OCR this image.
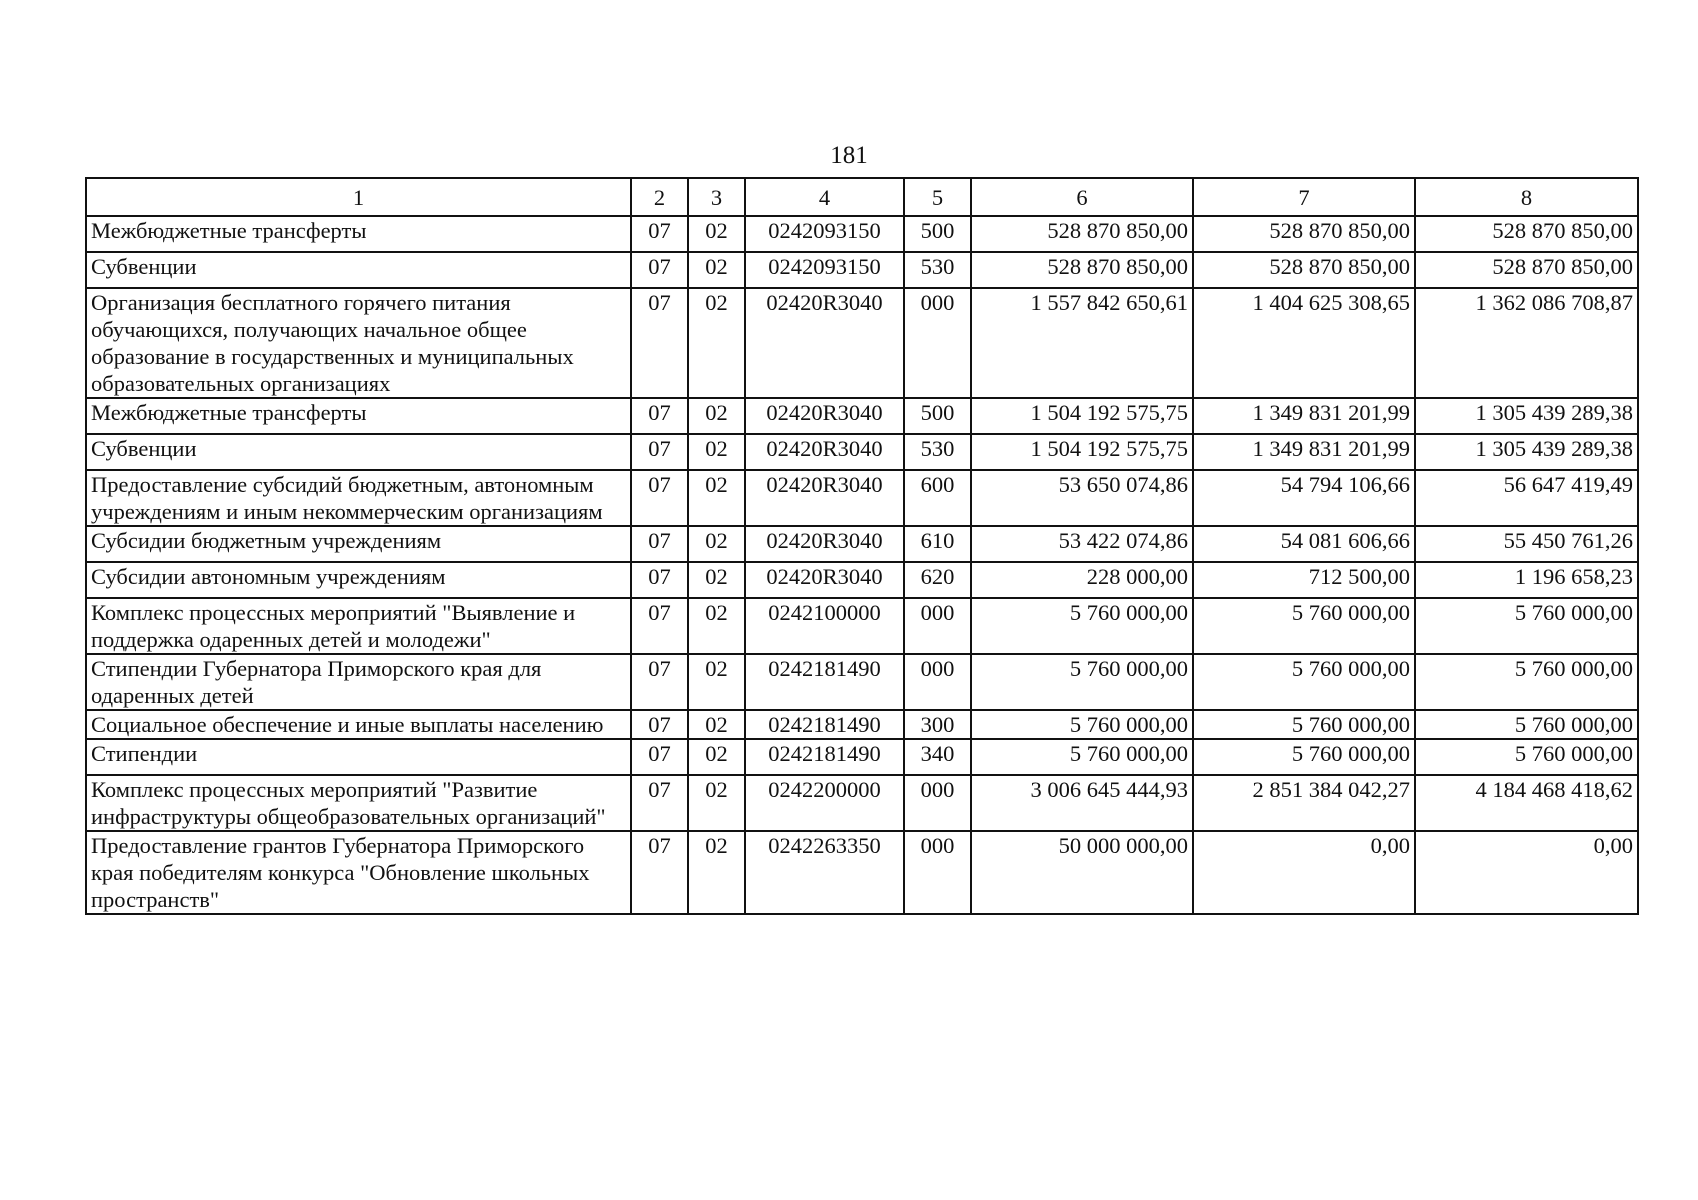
181
1	2	3	4	5	6	7	8
Межбюджетные трансферты	07	02	0242093150	500	528 870 850,00	528 870 850,00	528 870 850,00
Субвенции	07	02	0242093150	530	528 870 850,00	528 870 850,00	528 870 850,00
Организация бесплатного горячего питания обучающихся, получающих начальное общее образование в государственных и муниципальных образовательных организациях	07	02	02420R3040	000	1 557 842 650,61	1 404 625 308,65	1 362 086 708,87
Межбюджетные трансферты	07	02	02420R3040	500	1 504 192 575,75	1 349 831 201,99	1 305 439 289,38
Субвенции	07	02	02420R3040	530	1 504 192 575,75	1 349 831 201,99	1 305 439 289,38
Предоставление субсидий бюджетным, автономным учреждениям и иным некоммерческим организациям	07	02	02420R3040	600	53 650 074,86	54 794 106,66	56 647 419,49
Субсидии бюджетным учреждениям	07	02	02420R3040	610	53 422 074,86	54 081 606,66	55 450 761,26
Субсидии автономным учреждениям	07	02	02420R3040	620	228 000,00	712 500,00	1 196 658,23
Комплекс процессных мероприятий "Выявление и поддержка одаренных детей и молодежи"	07	02	0242100000	000	5 760 000,00	5 760 000,00	5 760 000,00
Стипендии Губернатора Приморского края для одаренных детей	07	02	0242181490	000	5 760 000,00	5 760 000,00	5 760 000,00
Социальное обеспечение и иные выплаты населению	07	02	0242181490	300	5 760 000,00	5 760 000,00	5 760 000,00
Стипендии	07	02	0242181490	340	5 760 000,00	5 760 000,00	5 760 000,00
Комплекс процессных мероприятий "Развитие инфраструктуры общеобразовательных организаций"	07	02	0242200000	000	3 006 645 444,93	2 851 384 042,27	4 184 468 418,62
Предоставление грантов Губернатора Приморского края победителям конкурса "Обновление школьных пространств"	07	02	0242263350	000	50 000 000,00	0,00	0,00
